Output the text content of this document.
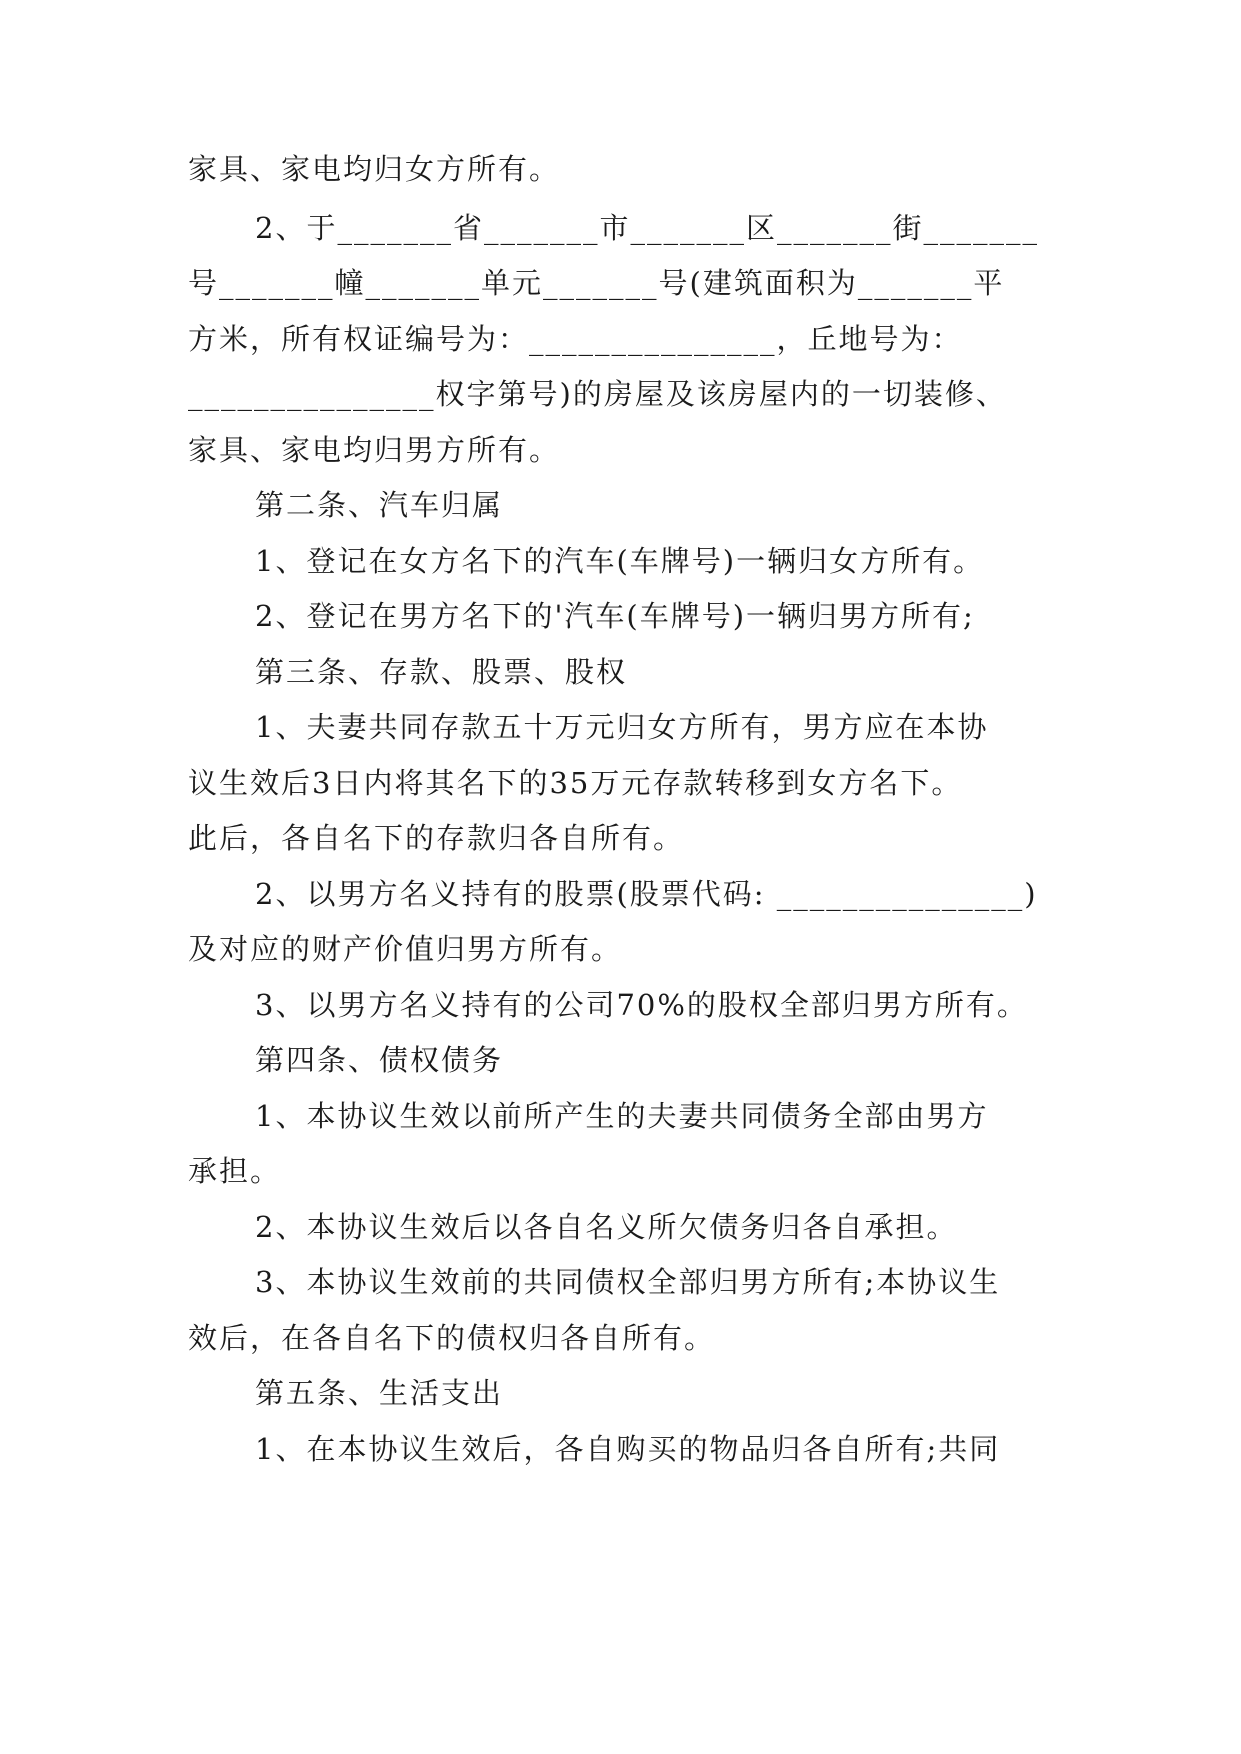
家具、家电均归女方所有。
2、于_______省_______市_______区_______街_______
号_______幢_______单元_______号(建筑面积为_______平
方米，所有权证编号为：_______________，丘地号为：
_______________权字第号)的房屋及该房屋内的一切装修、
家具、家电均归男方所有。
第二条、汽车归属
1、登记在女方名下的汽车(车牌号)一辆归女方所有。
2、登记在男方名下的'汽车(车牌号)一辆归男方所有;
第三条、存款、股票、股权
1、夫妻共同存款五十万元归女方所有，男方应在本协
议生效后3日内将其名下的35万元存款转移到女方名下。
此后，各自名下的存款归各自所有。
2、以男方名义持有的股票(股票代码: _______________)
及对应的财产价值归男方所有。
3、以男方名义持有的公司70%的股权全部归男方所有。
第四条、债权债务
1、本协议生效以前所产生的夫妻共同债务全部由男方
承担。
2、本协议生效后以各自名义所欠债务归各自承担。
3、本协议生效前的共同债权全部归男方所有;本协议生
效后，在各自名下的债权归各自所有。
第五条、生活支出
1、在本协议生效后，各自购买的物品归各自所有;共同
